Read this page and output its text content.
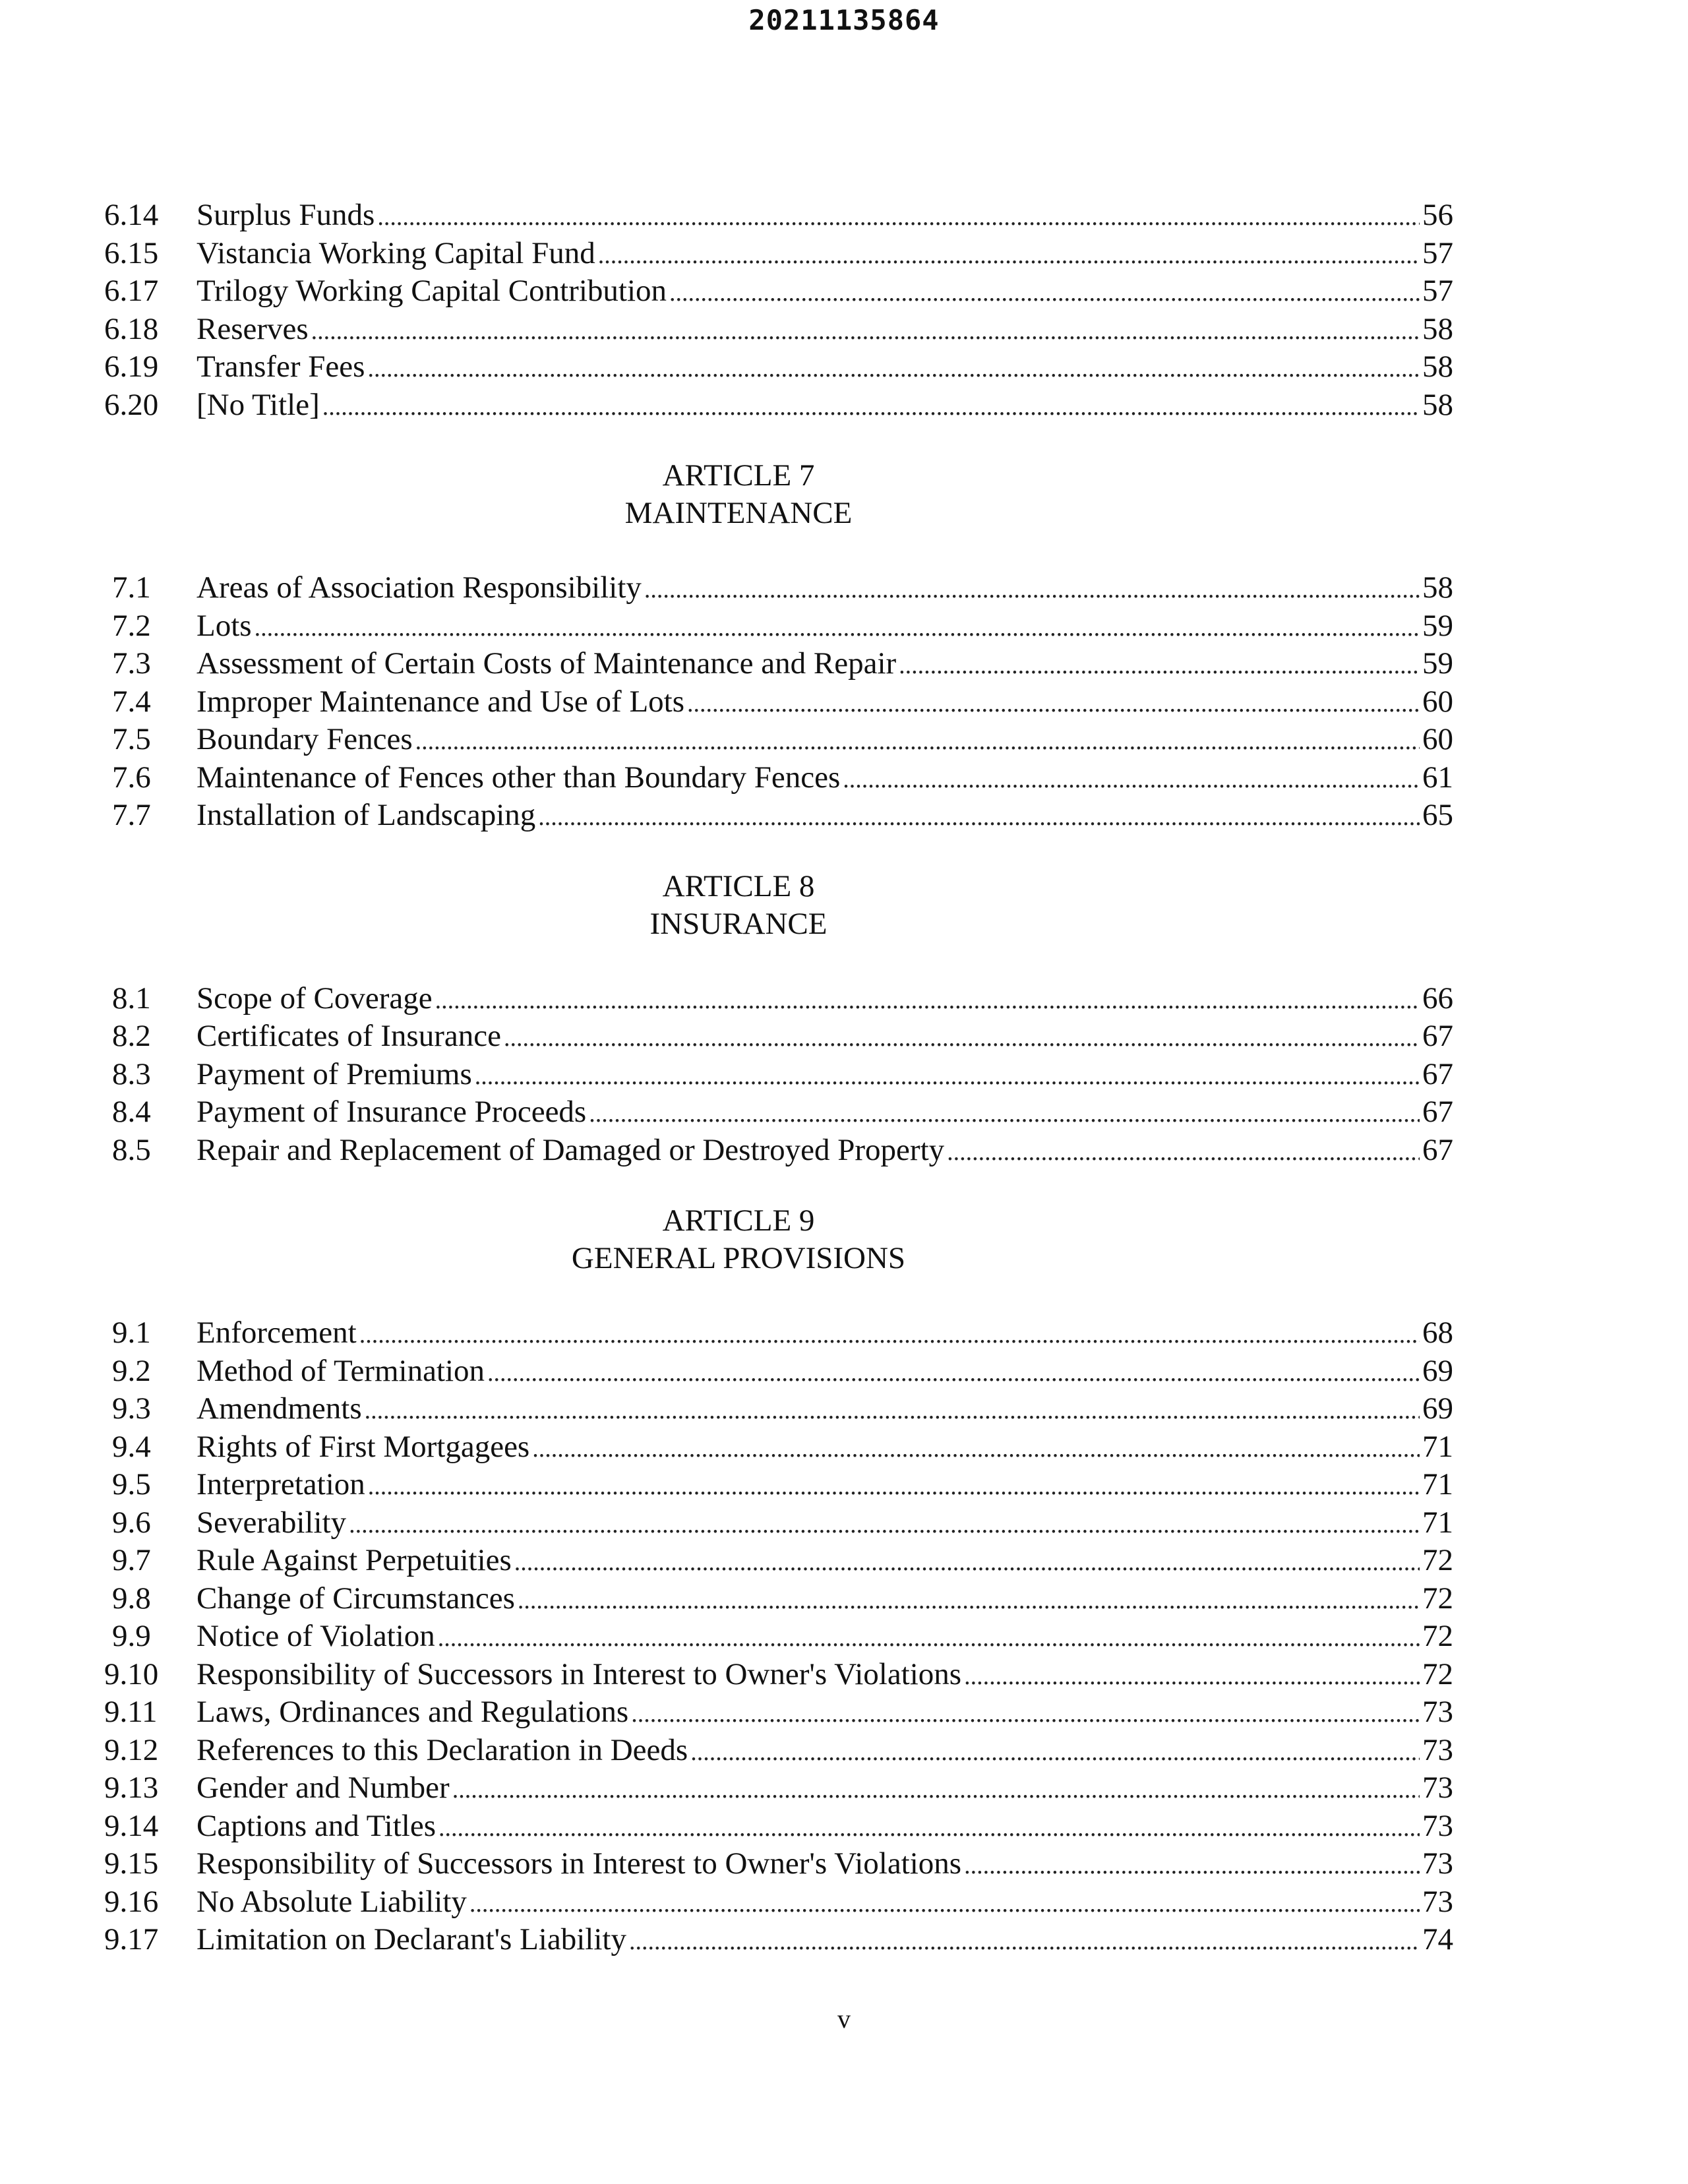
20211135864
6.14	Surplus Funds .....	56
6.15	Vistancia Working Capital Fund .....	57
6.17	Trilogy Working Capital Contribution .....	57
6.18	Reserves .....	58
6.19	Transfer Fees .....	58
6.20	[No Title] .....	58
ARTICLE 7
MAINTENANCE
7.1	Areas of Association Responsibility .....	58
7.2	Lots .....	59
7.3	Assessment of Certain Costs of Maintenance and Repair .....	59
7.4	Improper Maintenance and Use of Lots .....	60
7.5	Boundary Fences .....	60
7.6	Maintenance of Fences other than Boundary Fences .....	61
7.7	Installation of Landscaping .....	65
ARTICLE 8
INSURANCE
8.1	Scope of Coverage .....	66
8.2	Certificates of Insurance .....	67
8.3	Payment of Premiums .....	67
8.4	Payment of Insurance Proceeds .....	67
8.5	Repair and Replacement of Damaged or Destroyed Property .....	67
ARTICLE 9
GENERAL PROVISIONS
9.1	Enforcement .....	68
9.2	Method of Termination .....	69
9.3	Amendments .....	69
9.4	Rights of First Mortgagees .....	71
9.5	Interpretation .....	71
9.6	Severability .....	71
9.7	Rule Against Perpetuities .....	72
9.8	Change of Circumstances .....	72
9.9	Notice of Violation .....	72
9.10	Responsibility of Successors in Interest to Owner's Violations .....	72
9.11	Laws, Ordinances and Regulations .....	73
9.12	References to this Declaration in Deeds .....	73
9.13	Gender and Number .....	73
9.14	Captions and Titles .....	73
9.15	Responsibility of Successors in Interest to Owner's Violations .....	73
9.16	No Absolute Liability .....	73
9.17	Limitation on Declarant's Liability .....	74
v
